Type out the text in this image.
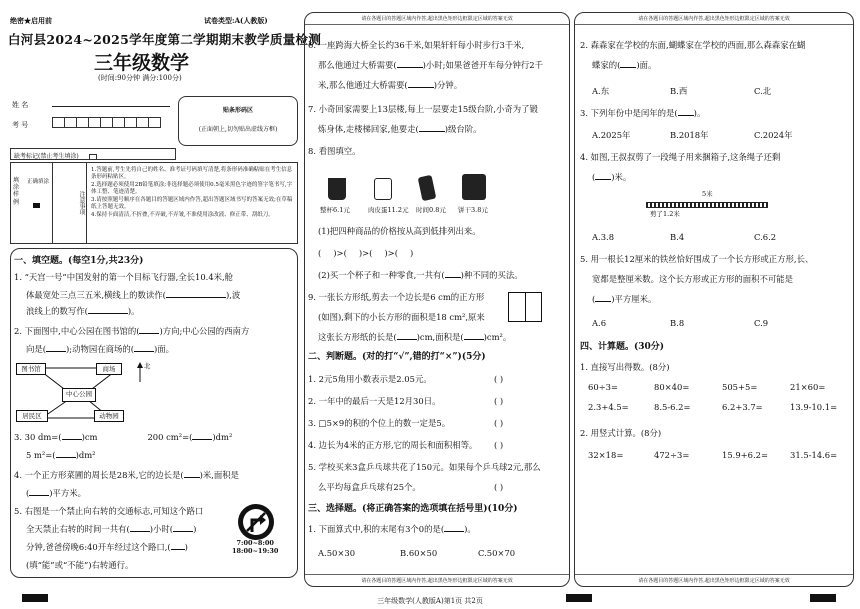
绝密★启用前	试卷类型:A(人教版)
白河县2024~2025学年度第二学期期末教学质量检测
三年级数学
(时间:90分钟 满分:100分)
姓 名
考 号
贴条形码区
(正面朝上,切勿贴出虚线方框)
缺考标记(禁止考生填涂)
填涂样例
正确填涂
注意事项
1.答题前,考生先将自己的姓名、准考证号码填写清楚,将条形码准确粘贴在考生信息条形码粘贴区。
2.选择题必须使用2B铅笔填涂;非选择题必须使用0.5毫米黑色字迹的签字笔书写,字体工整、笔迹清楚。
3.请按照题号顺序在各题目的答题区域内作答,超出答题区域书写的答案无效;在草稿纸上答题无效。
4.保持卡面清洁,不折叠,不弄破,不弄皱,不准使用涂改液、修正带、刮纸刀。
一、填空题。(每空1分,共23分)
1. “天宫一号”中国发射的第一个目标飞行器,全长10.4米,舱
体最宽处三点三五米,横线上的数读作(	),波
浪线上的数写作(	)。
2. 下面图中,中心公园在图书馆的( )方向;中心公园的西南方
向是( );动物园在商场的( )面。
图书馆	商场
中心公园
居民区	动物园
北
3. 30 dm=( )cm	200 cm²=( )dm²
5 m²=( )dm²
4. 一个正方形菜圃的周长是28米,它的边长是( )米,面积是
( )平方米。
5. 右图是一个禁止向右转的交通标志,可知这个路口
全天禁止右转的时间一共有( )小时( )
分钟,爸爸傍晚6:40开车经过这个路口,( )
(填“能”或“不能”)右转通行。
7:00~8:00
18:00~19:30
请在各题目的答题区域内作答,超出黑色矩形边框限定区域的答案无效
请在各题目的答题区域内作答,超出黑色矩形边框限定区域的答案无效
6. 一座跨海大桥全长约36千米,如果轩轩每小时步行3千米,
那么他通过大桥需要(	)小时;如果爸爸开车每分钟行2千
米,那么他通过大桥需要(	)分钟。
7. 小奇回家需要上13层楼,每上一层要走15级台阶,小奇为了锻
炼身体,走楼梯回家,他要走(	)级台阶。
8. 看图填空。
整杯6.1元	肉皮蛋11.2元 时间0.8元 饼干3.8元
(1)把四种商品的价格按从高到低排列出来。
( )>( )>( )>( )
(2)买一个杯子和一种零食,一共有( )种不同的买法。
9. 一张长方形纸,剪去一个边长是6 cm的正方形
(如图),剩下的小长方形的面积是18 cm²,原来
这张长方形纸的长是( )cm,面积是( )cm²。
二、判断题。(对的打“√”,错的打“×”)(5分)
1. 2元5角用小数表示是2.05元。	( )
2. 一年中的最后一天是12月30日。	( )
3. □5×9的积的个位上的数一定是5。	( )
4. 边长为4米的正方形,它的周长和面积相等。 ( )
5. 学校买来3盒乒乓球共花了150元。如果每个乒乓球2元,那么
么平均每盒乒乓球有25个。	( )
三、选择题。(将正确答案的选项填在括号里)(10分)
1. 下面算式中,积的末尾有3个0的是( )。
A.50×30	B.60×50	C.50×70
请在各题目的答题区域内作答,超出黑色矩形边框限定区域的答案无效
请在各题目的答题区域内作答,超出黑色矩形边框限定区域的答案无效
2. 森森家在学校的东面,蝴蝶家在学校的西面,那么森森家在蝴
蝶家的( )面。
A.东	B.西	C.北
3. 下列年份中是闰年的是( )。
A.2025年	B.2018年	C.2024年
4. 如图,王叔叔剪了一段绳子用来捆箱子,这条绳子还剩
( )米。
5米
剪了1.2米
A.3.8	B.4	C.6.2
5. 用一根长12厘米的铁丝恰好围成了一个长方形或正方形,长、
宽都是整厘米数。这个长方形或正方形的面积不可能是
( )平方厘米。
A.6	B.8	C.9
四、计算题。(30分)
1. 直接写出得数。(8分)
60÷3=	80×40=	505+5=	21×60=
2.3+4.5=	8.5-6.2=	6.2+3.7=	13.9-10.1=
2. 用竖式计算。(8分)
32×18=	472÷3=	15.9+6.2=	31.5-14.6=
三年级数学(人教版A)第1页 共2页
